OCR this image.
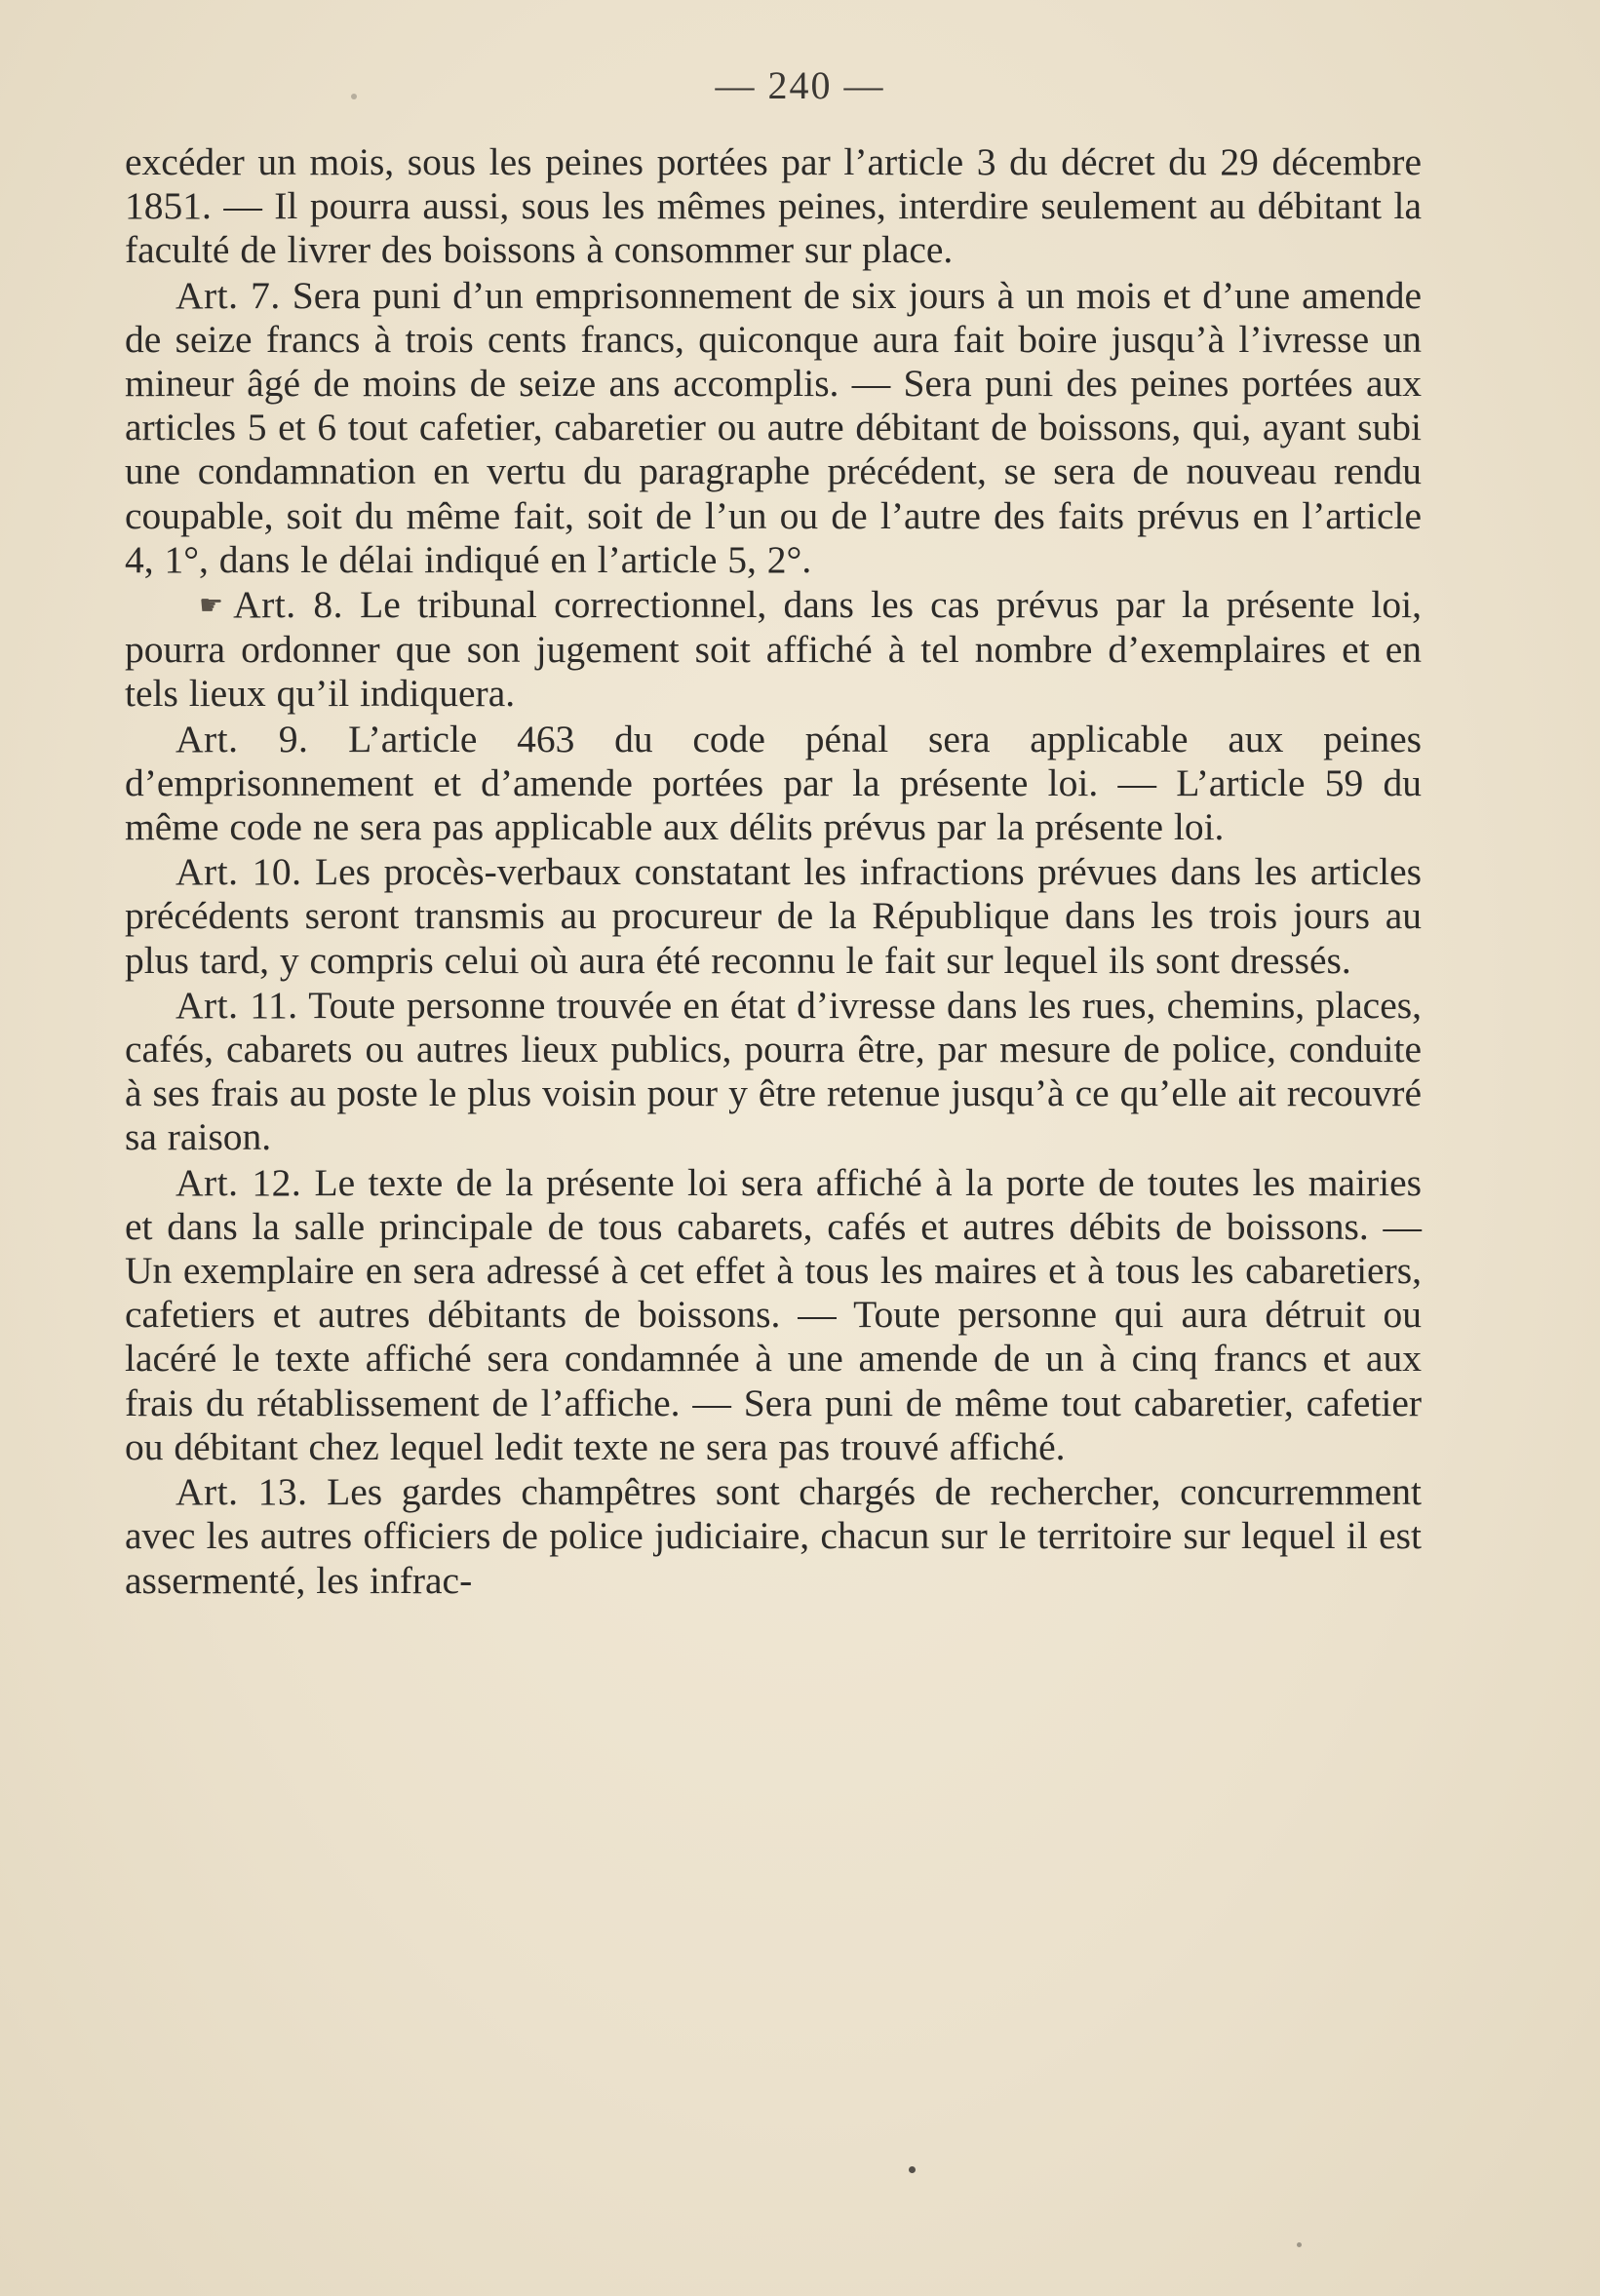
— 240 —

excéder un mois, sous les peines portées par l’article 3 du décret du 29 décembre 1851. — Il pourra aussi, sous les mêmes peines, interdire seulement au débitant la faculté de livrer des boissons à consommer sur place.

Art. 7. Sera puni d’un emprisonnement de six jours à un mois et d’une amende de seize francs à trois cents francs, quiconque aura fait boire jusqu’à l’ivresse un mineur âgé de moins de seize ans accomplis. — Sera puni des peines portées aux articles 5 et 6 tout cafetier, cabaretier ou autre débitant de boissons, qui, ayant subi une condamnation en vertu du paragraphe précédent, se sera de nouveau rendu coupable, soit du même fait, soit de l’un ou de l’autre des faits prévus en l’article 4, 1°, dans le délai indiqué en l’article 5, 2°.

☛ Art. 8. Le tribunal correctionnel, dans les cas prévus par la présente loi, pourra ordonner que son jugement soit affiché à tel nombre d’exemplaires et en tels lieux qu’il indiquera.

Art. 9. L’article 463 du code pénal sera applicable aux peines d’emprisonnement et d’amende portées par la présente loi. — L’article 59 du même code ne sera pas applicable aux délits prévus par la présente loi.

Art. 10. Les procès-verbaux constatant les infractions prévues dans les articles précédents seront transmis au procureur de la République dans les trois jours au plus tard, y compris celui où aura été reconnu le fait sur lequel ils sont dressés.

Art. 11. Toute personne trouvée en état d’ivresse dans les rues, chemins, places, cafés, cabarets ou autres lieux publics, pourra être, par mesure de police, conduite à ses frais au poste le plus voisin pour y être retenue jusqu’à ce qu’elle ait recouvré sa raison.

Art. 12. Le texte de la présente loi sera affiché à la porte de toutes les mairies et dans la salle principale de tous cabarets, cafés et autres débits de boissons. — Un exemplaire en sera adressé à cet effet à tous les maires et à tous les cabaretiers, cafetiers et autres débitants de boissons. — Toute personne qui aura détruit ou lacéré le texte affiché sera condamnée à une amende de un à cinq francs et aux frais du rétablissement de l’affiche. — Sera puni de même tout cabaretier, cafetier ou débitant chez lequel ledit texte ne sera pas trouvé affiché.

Art. 13. Les gardes champêtres sont chargés de rechercher, concurremment avec les autres officiers de police judiciaire, chacun sur le territoire sur lequel il est assermenté, les infrac-
